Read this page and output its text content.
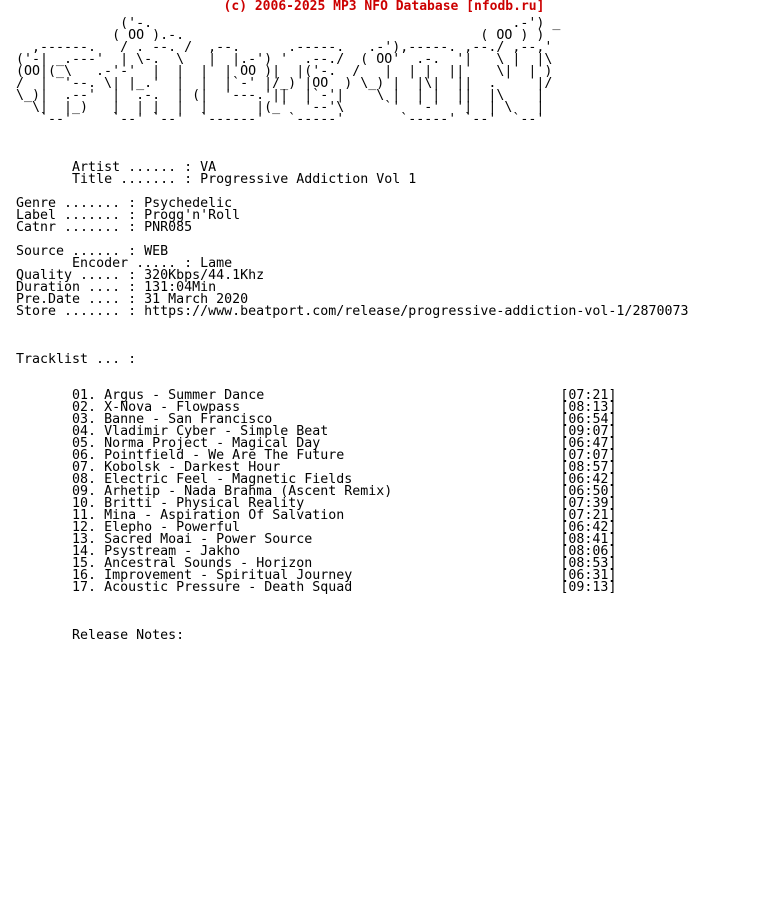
(c) 2006-2025 MP3 NFO Database [nfodb.ru]
('-.                                             .-') _
( OO ).-.                                     ( OO ) )
,------.   / . --. /  ,--.      .-----.   .-'),-----. ,--./ ,--,'
('-| _.---'  | \-.  \   |  |.-') '  .--./  ( OO'  .-.  '|   \ |  |\
(OO|(_\   .-'-'  |  |  |  | OO )|  |('-.  /   |  | |  ||    \|  | )
/  |  '--. \| |_.'  |  |  |`-' |/_) |OO  ) \_) |  |\|  ||  .     |/
\_)|  .--'  |  .-.  | (|  '---.'||  |`-'|    \ |  | |  ||  |\    |
\|  |_)   |  | |  |  |      |(_'  '--'\     `'  '-'  '|  | \   |
`--'     `--' `--'  `------'   `-----'       `-----' `--'  `--'

Artist ...... : VA
Title ....... : Progressive Addiction Vol 1

Genre ....... : Psychedelic
Label ....... : Progg'n'Roll
Catnr ....... : PNR085

Source ...... : WEB
Encoder ..... : Lame
Quality ..... : 320Kbps/44.1Khz
Duration .... : 131:04Min
Pre.Date .... : 31 March 2020
Store ....... : https://www.beatport.com/release/progressive-addiction-vol-1/2870073

Tracklist ... :

01. Argus - Summer Dance	[07:21]
02. X-Nova - Flowpass	[08:13]
03. Banne - San Francisco	[06:54]
04. Vladimir Cyber - Simple Beat	[09:07]
05. Norma Project - Magical Day	[06:47]
06. Pointfield - We Are The Future	[07:07]
07. Kobolsk - Darkest Hour	[08:57]
08. Electric Feel - Magnetic Fields	[06:42]
09. Arhetip - Nada Brahma (Ascent Remix)	[06:50]
10. Britti - Physical Reality	[07:39]
11. Mina - Aspiration Of Salvation	[07:21]
12. Elepho - Powerful	[06:42]
13. Sacred Moai - Power Source	[08:41]
14. Psystream - Jakho	[08:06]
15. Ancestral Sounds - Horizon	[08:53]
16. Improvement - Spiritual Journey	[06:31]
17. Acoustic Pressure - Death Squad	[09:13]

Release Notes:
